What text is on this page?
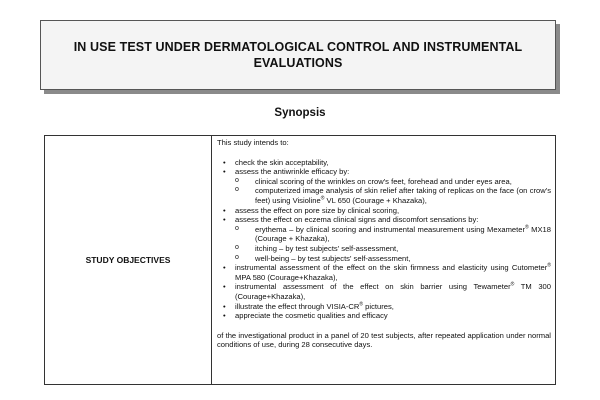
IN USE TEST UNDER DERMATOLOGICAL CONTROL AND INSTRUMENTAL
EVALUATIONS
Synopsis
STUDY OBJECTIVES
This study intends to:
• check the skin acceptability,
• assess the antiwrinkle efficacy by:
o clinical scoring of the wrinkles on crow's feet, forehead and under eyes area,
o computerized image analysis of skin relief after taking of replicas on the face (on crow's feet) using Visioline® VL 650 (Courage + Khazaka),
• assess the effect on pore size by clinical scoring,
• assess the effect on eczema clinical signs and discomfort sensations by:
o erythema – by clinical scoring and instrumental measurement using Mexameter® MX18 (Courage + Khazaka),
o itching – by test subjects' self-assessment,
o well-being – by test subjects' self-assessment,
• instrumental assessment of the effect on the skin firmness and elasticity using Cutometer® MPA 580 (Courage+Khazaka),
• instrumental assessment of the effect on skin barrier using Tewameter® TM 300 (Courage+Khazaka),
• illustrate the effect through VISIA-CR® pictures,
• appreciate the cosmetic qualities and efficacy
of the investigational product in a panel of 20 test subjects, after repeated application under normal conditions of use, during 28 consecutive days.
